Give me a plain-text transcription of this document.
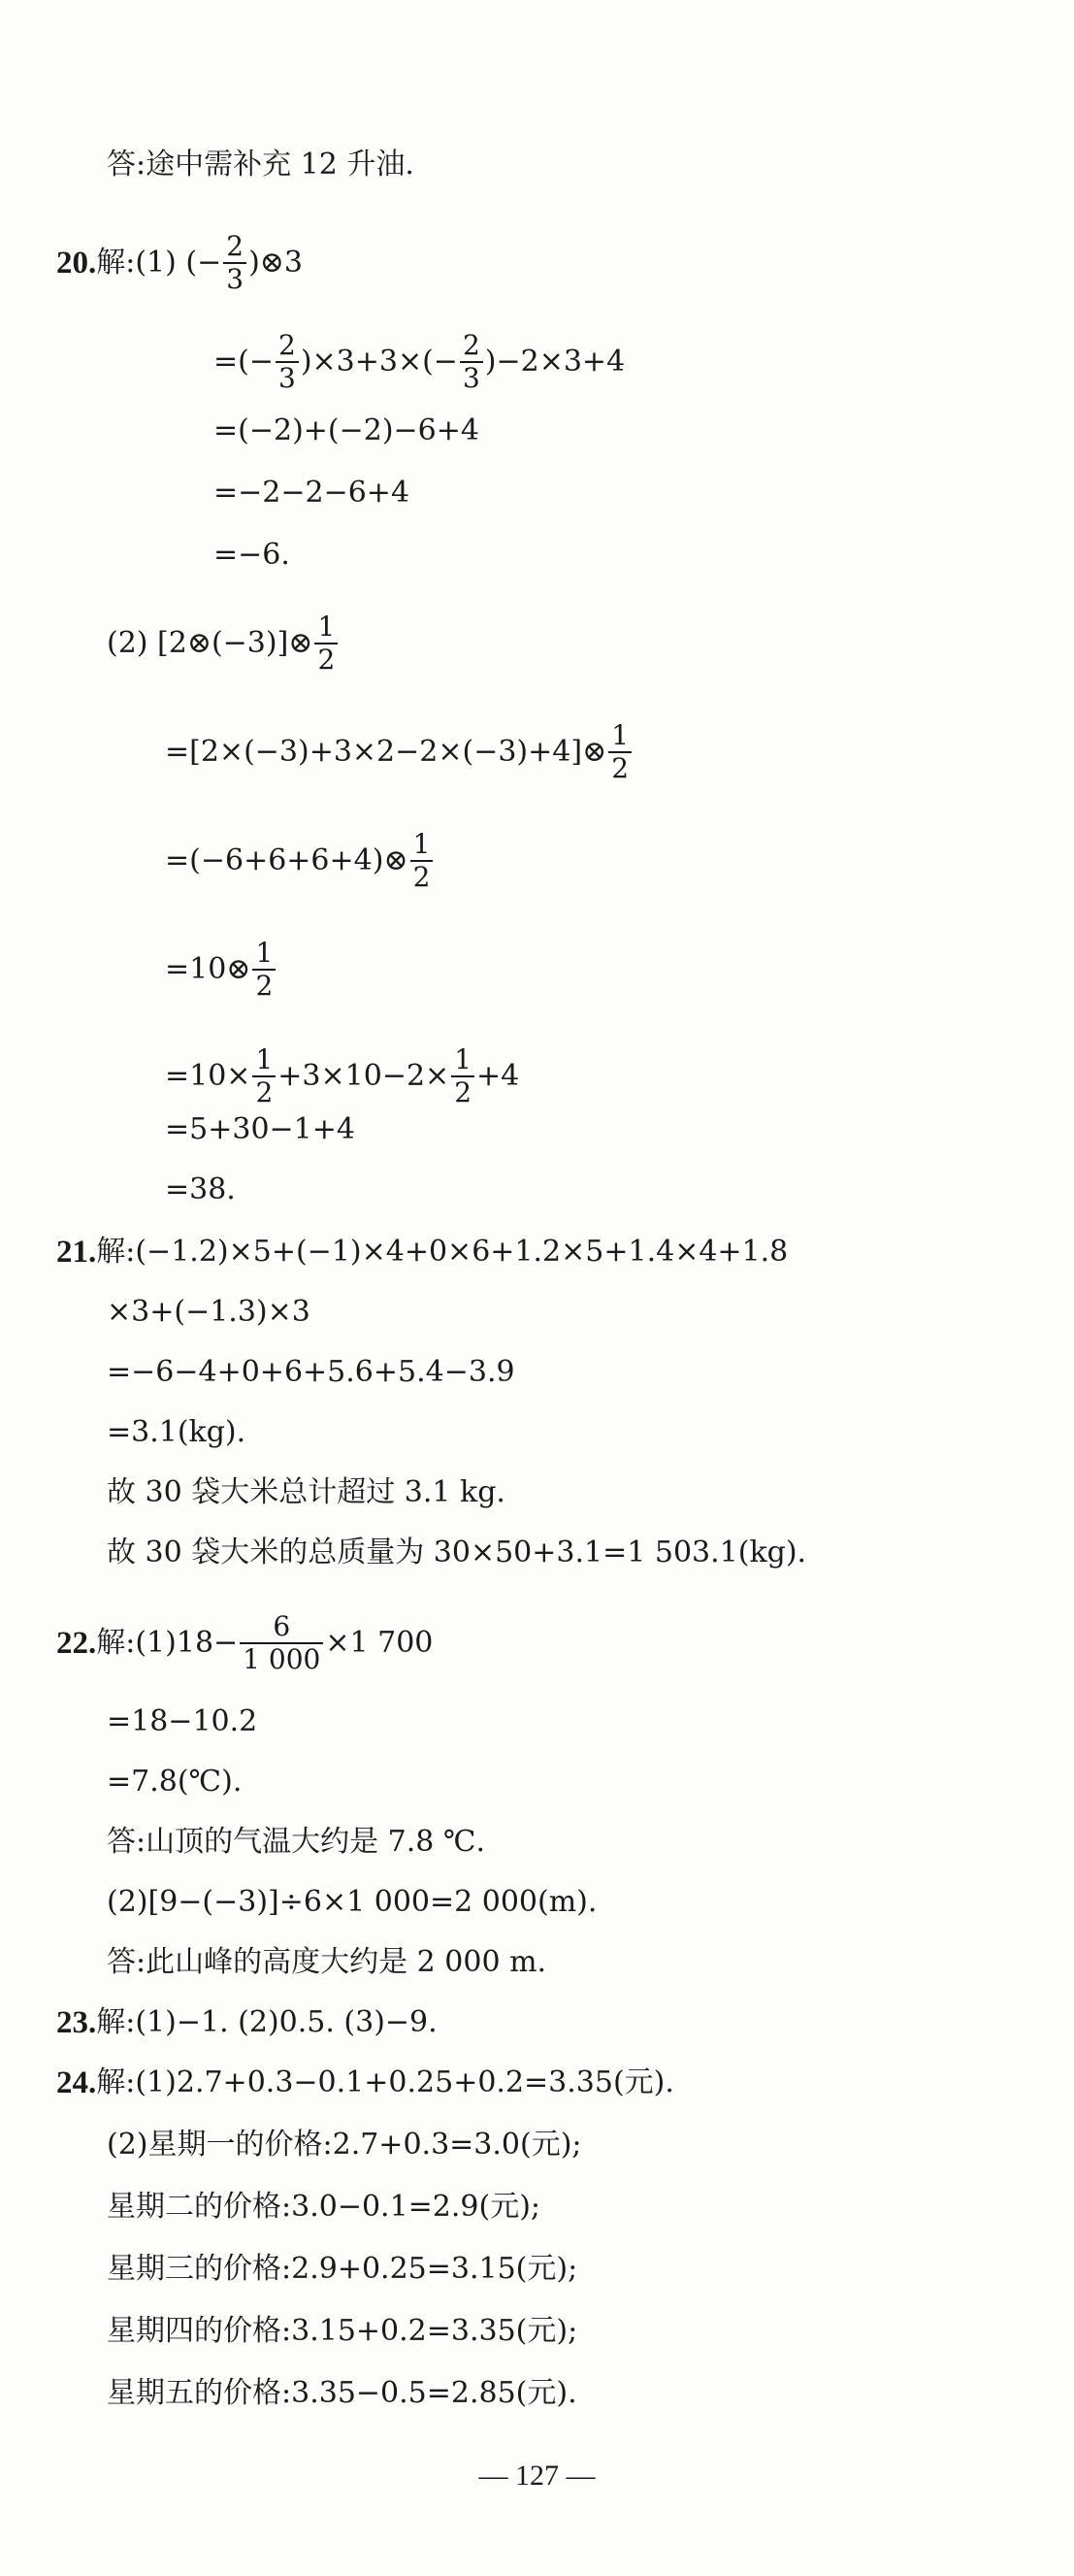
答:途中需补充 12 升油.
20. 解:(1) (− $\frac{2}{3}$ )⊗3
=(− $\frac{2}{3} )\times 3+3\times(- \frac{2}{3} )-2\times 3+4$
=(−2)+(−2)−6+4
=−2−2−6+4
=−6.
(2) [2⊗(−3)]⊗ $\frac{1}{2}$
=[2×(−3)+3×2−2×(−3)+4]⊗ $\frac{1}{2}$
=(−6+6+6+4)⊗ $\frac{1}{2}$
=10⊗ $\frac{1}{2}$
$=10\times \frac{1}{2} +3\times 10-2\times \frac{1}{2} +4$
=5+30−1+4
=38.
21. 解:(−1.2)×5+(−1)×4+0×6+1.2×5+1.4×4+1.8
×3+(−1.3)×3
=−6−4+0+6+5.6+5.4−3.9
=3.1(kg).
故 30 袋大米总计超过 3.1 kg.
故 30 袋大米的总质量为 30×50+3.1=1 503.1(kg).
22. 解:(1)18− $\frac{6}{1 000} \times 1$ 700
=18−10.2
=7.8(℃).
答:山顶的气温大约是 7.8 ℃.
(2)[9−(−3)]÷6×1 000=2 000(m).
答:此山峰的高度大约是 2 000 m.
23. 解:(1)−1. (2)0.5. (3)−9.
24. 解:(1)2.7+0.3−0.1+0.25+0.2=3.35(元).
(2)星期一的价格:2.7+0.3=3.0(元);
星期二的价格:3.0−0.1=2.9(元);
星期三的价格:2.9+0.25=3.15(元);
星期四的价格:3.15+0.2=3.35(元);
星期五的价格:3.35−0.5=2.85(元).
— 127 —
